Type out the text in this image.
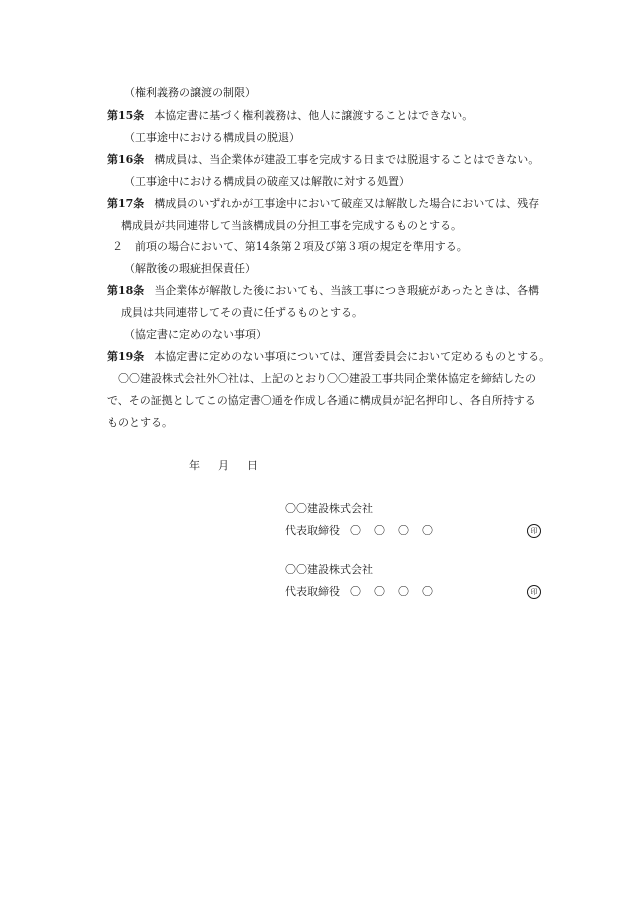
（権利義務の譲渡の制限）
第15条 本協定書に基づく権利義務は、他人に譲渡することはできない。
（工事途中における構成員の脱退）
第16条 構成員は、当企業体が建設工事を完成する日までは脱退することはできない。
（工事途中における構成員の破産又は解散に対する処置）
第17条 構成員のいずれかが工事途中において破産又は解散した場合においては、残存
構成員が共同連帯して当該構成員の分担工事を完成するものとする。
２ 前項の場合において、第14条第２項及び第３項の規定を準用する。
（解散後の瑕疵担保責任）
第18条 当企業体が解散した後においても、当該工事につき瑕疵があったときは、各構
成員は共同連帯してその責に任ずるものとする。
（協定書に定めのない事項）
第19条 本協定書に定めのない事項については、運営委員会において定めるものとする。
〇〇建設株式会社外〇社は、上記のとおり〇〇建設工事共同企業体協定を締結したの
で、その証拠としてこの協定書〇通を作成し各通に構成員が記名押印し、各自所持する
ものとする。
年 月 日
〇〇建設株式会社
代表取締役 〇 〇 〇 〇	印
〇〇建設株式会社
代表取締役 〇 〇 〇 〇	印
